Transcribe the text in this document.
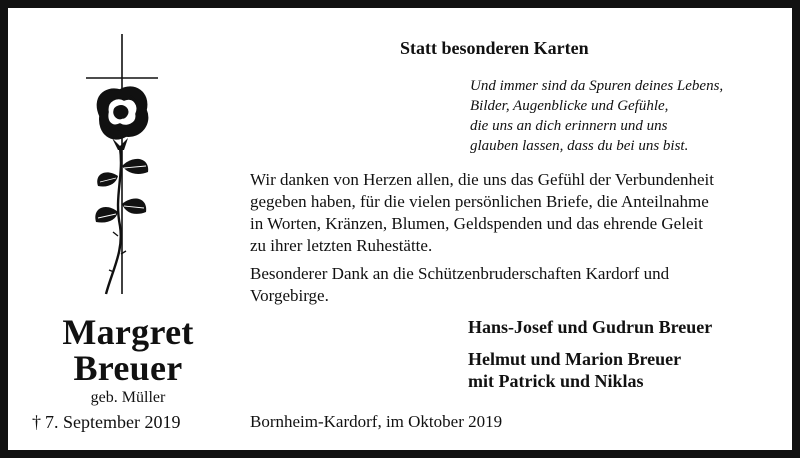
Margret
Breuer
geb. Müller
† 7. September 2019
Statt besonderen Karten
Und immer sind da Spuren deines Lebens,
Bilder, Augenblicke und Gefühle,
die uns an dich erinnern und uns
glauben lassen, dass du bei uns bist.
Wir danken von Herzen allen, die uns das Gefühl der Verbundenheit
gegeben haben, für die vielen persönlichen Briefe, die Anteilnahme
in Worten, Kränzen, Blumen, Geldspenden und das ehrende Geleit
zu ihrer letzten Ruhestätte.
Besonderer Dank an die Schützenbruderschaften Kardorf und
Vorgebirge.
Hans-Josef und Gudrun Breuer
Helmut und Marion Breuer
mit Patrick und Niklas
Bornheim-Kardorf, im Oktober 2019
